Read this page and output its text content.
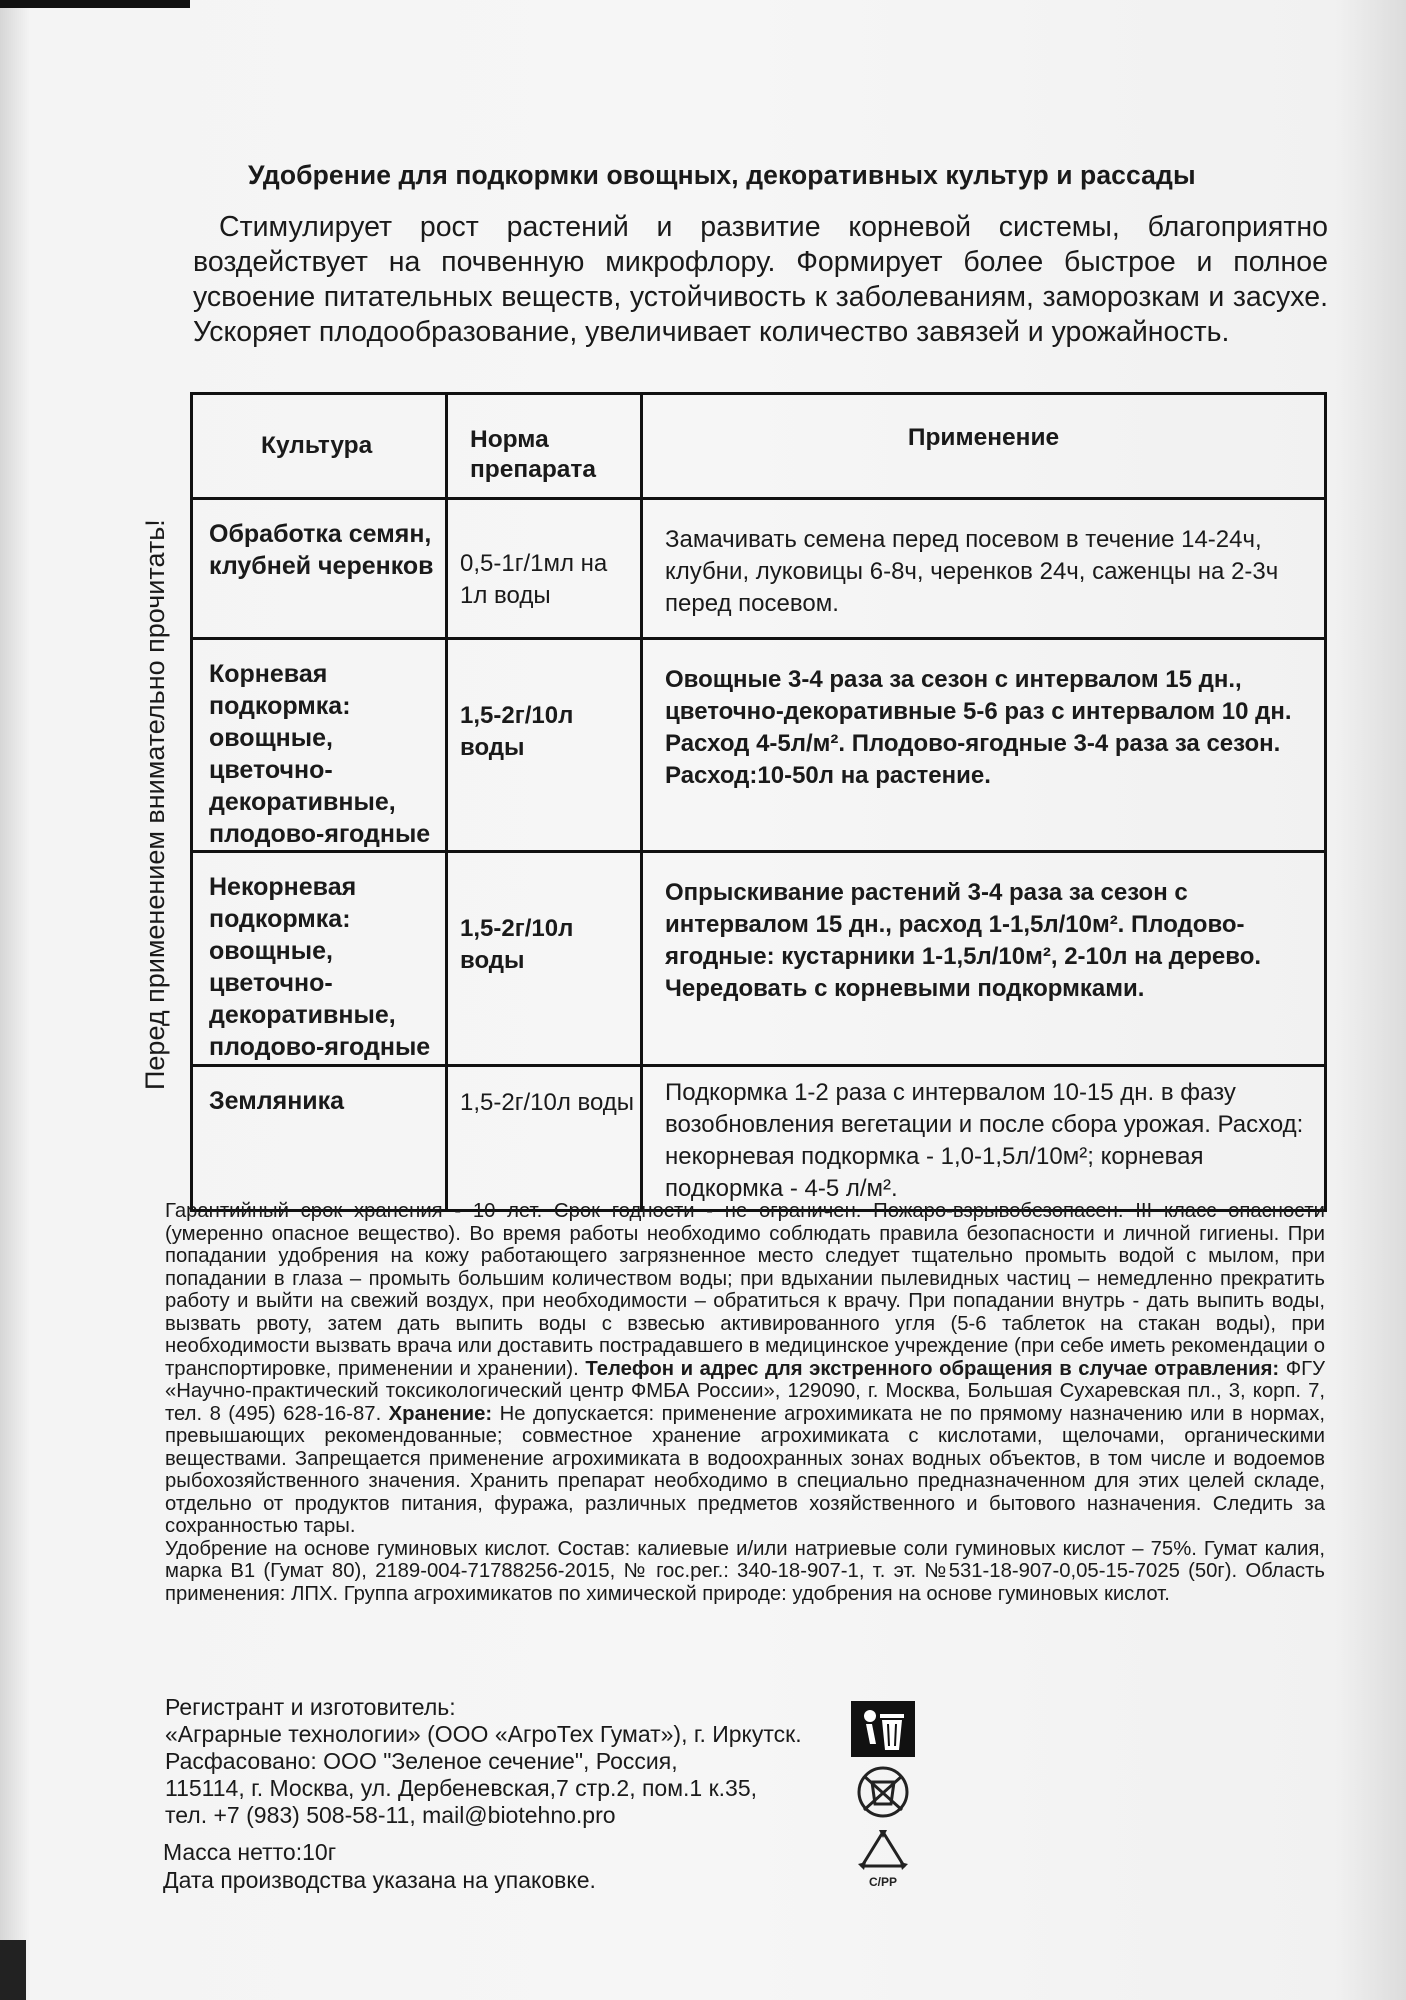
Удобрение для подкормки овощных, декоративных культур и рассады
Стимулирует рост растений и развитие корневой системы, благоприятно воздействует на почвенную микрофлору. Формирует более быстрое и полное усвоение питательных веществ, устойчивость к заболеваниям, заморозкам и засухе. Ускоряет плодообразование, увеличивает количество завязей и урожайность.
Перед применением внимательно прочитать!
Культура	Норма препарата	Применение
Обработка семян, клубней черенков	0,5-1г/1мл на 1л воды	Замачивать семена перед посевом в течение 14-24ч, клубни, луковицы 6-8ч, черенков 24ч, саженцы на 2-3ч перед посевом.
Корневая подкормка: овощные, цветочно-декоративные, плодово-ягодные	1,5-2г/10л воды	Овощные 3-4 раза за сезон с интервалом 15 дн., цветочно-декоративные 5-6 раз с интервалом 10 дн. Расход 4-5л/м². Плодово-ягодные 3-4 раза за сезон. Расход:10-50л на растение.
Некорневая подкормка: овощные, цветочно-декоративные, плодово-ягодные	1,5-2г/10л воды	Опрыскивание растений 3-4 раза за сезон с интервалом 15 дн., расход 1-1,5л/10м². Плодово-ягодные: кустарники 1-1,5л/10м², 2-10л на дерево. Чередовать с корневыми подкормками.
Земляника	1,5-2г/10л воды	Подкормка 1-2 раза с интервалом 10-15 дн. в фазу возобновления вегетации и после сбора урожая. Расход: некорневая подкормка - 1,0-1,5л/10м²; корневая подкормка - 4-5 л/м².

Гарантийный срок хранения - 10 лет. Срок годности - не ограничен. Пожаро-взрывобезопасен. III класс опасности (умеренно опасное вещество). Во время работы необходимо соблюдать правила безопасности и личной гигиены. При попадании удобрения на кожу работающего загрязненное место следует тщательно промыть водой с мылом, при попадании в глаза – промыть большим количеством воды; при вдыхании пылевидных частиц – немедленно прекратить работу и выйти на свежий воздух, при необходимости – обратиться к врачу. При попадании внутрь - дать выпить воды, вызвать рвоту, затем дать выпить воды с взвесью активированного угля (5-6 таблеток на стакан воды), при необходимости вызвать врача или доставить пострадавшего в медицинское учреждение (при себе иметь рекомендации о транспортировке, применении и хранении). Телефон и адрес для экстренного обращения в случае отравления: ФГУ «Научно-практический токсикологический центр ФМБА России», 129090, г. Москва, Большая Сухаревская пл., 3, корп. 7, тел. 8 (495) 628-16-87. Хранение: Не допускается: применение агрохимиката не по прямому назначению или в нормах, превышающих рекомендованные; совместное хранение агрохимиката с кислотами, щелочами, органическими веществами. Запрещается применение агрохимиката в водоохранных зонах водных объектов, в том числе и водоемов рыбохозяйственного значения. Хранить препарат необходимо в специально предназначенном для этих целей складе, отдельно от продуктов питания, фуража, различных предметов хозяйственного и бытового назначения. Следить за сохранностью тары.

Удобрение на основе гуминовых кислот. Состав: калиевые и/или натриевые соли гуминовых кислот – 75%. Гумат калия, марка В1 (Гумат 80), 2189-004-71788256-2015, № гос.рег.: 340-18-907-1, т. эт. №531-18-907-0,05-15-7025 (50г). Область применения: ЛПХ. Группа агрохимикатов по химической природе: удобрения на основе гуминовых кислот.

Регистрант и изготовитель:
«Аграрные технологии» (ООО «АгроТех Гумат»), г. Иркутск.
Расфасовано: ООО "Зеленое сечение", Россия,
115114, г. Москва, ул. Дербеневская,7 стр.2, пом.1 к.35,
тел. +7 (983) 508-58-11, mail@biotehno.pro
Масса нетто:10г
Дата производства указана на упаковке.	C/PP
